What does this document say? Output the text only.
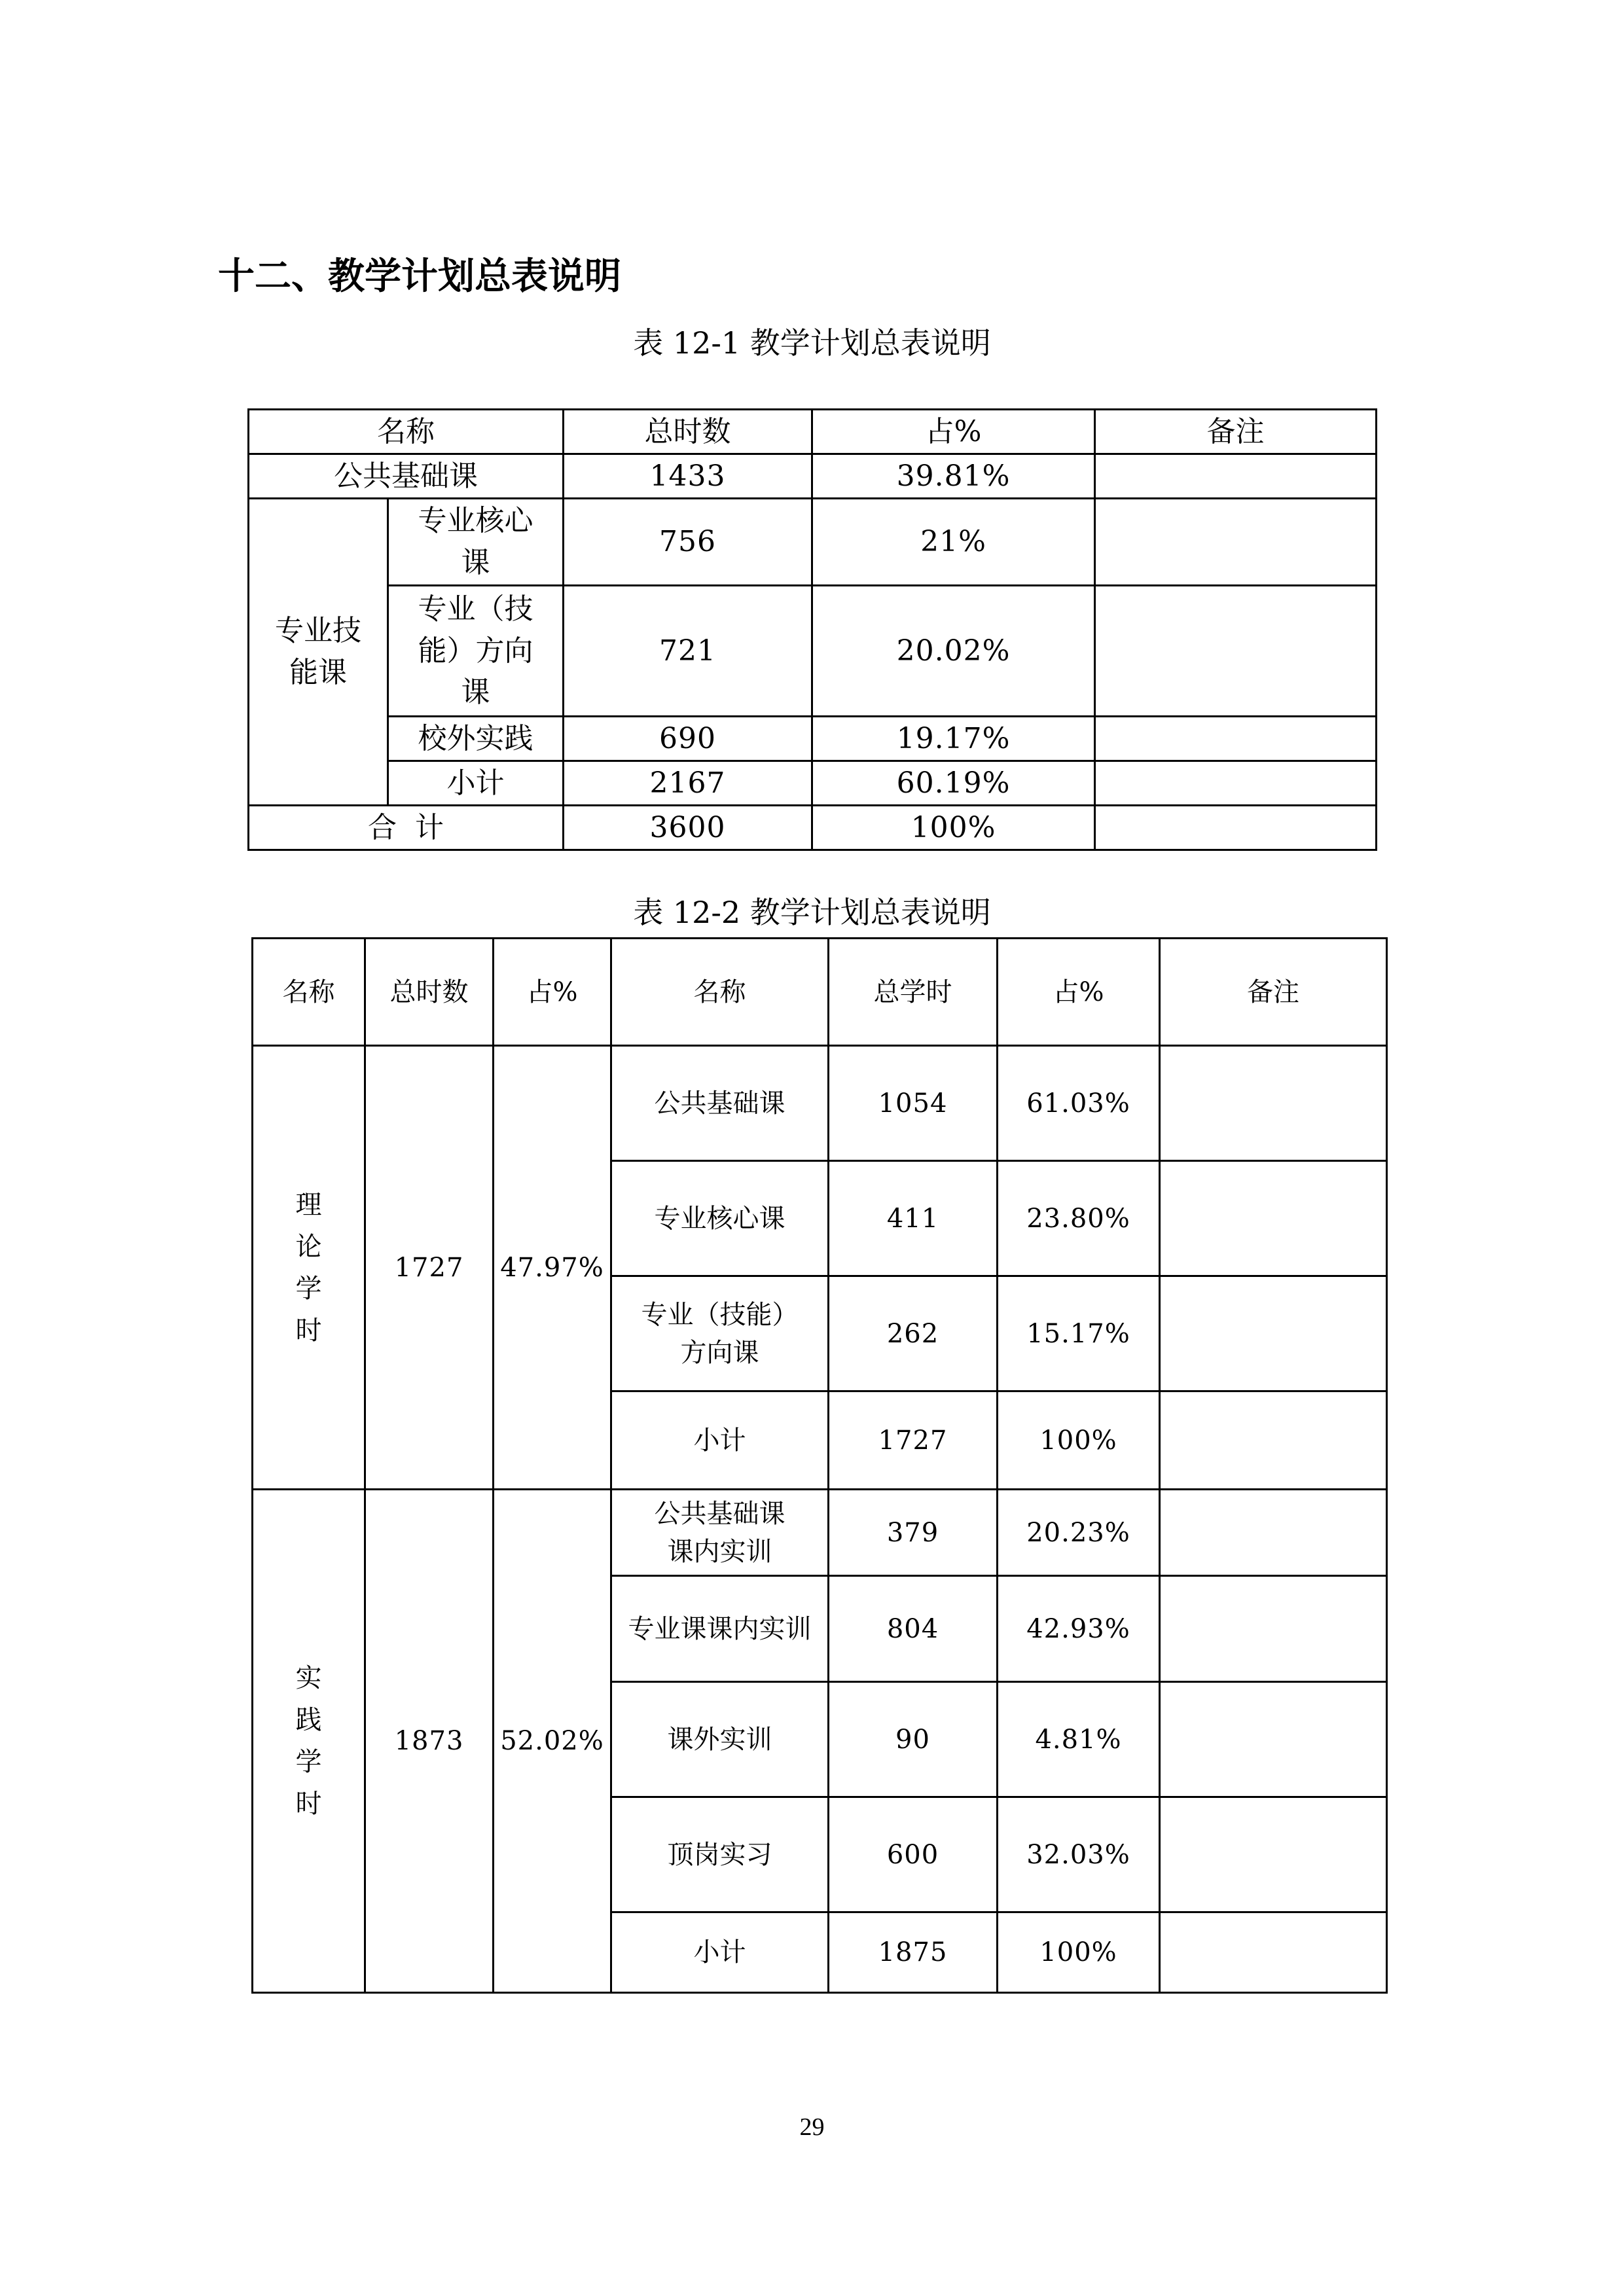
十二、教学计划总表说明
表 12-1 教学计划总表说明
名称		总时数	占%	备注
公共基础课		1433	39.81%	
专业技能课	专业核心课	756	21%	
	专业（技能）方向课	721	20.02%	
	校外实践	690	19.17%	
	小计	2167	60.19%	
合  计		3600	100%	
表 12-2 教学计划总表说明
名称	总时数	占%	名称	总学时	占%	备注
理论学时	1727	47.97%	公共基础课	1054	61.03%	
			专业核心课	411	23.80%	
			专业（技能）方向课	262	15.17%	
			小计	1727	100%	
实践学时	1873	52.02%	公共基础课课内实训	379	20.23%	
			专业课课内实训	804	42.93%	
			课外实训	90	4.81%	
			顶岗实习	600	32.03%	
			小计	1875	100%	
29
